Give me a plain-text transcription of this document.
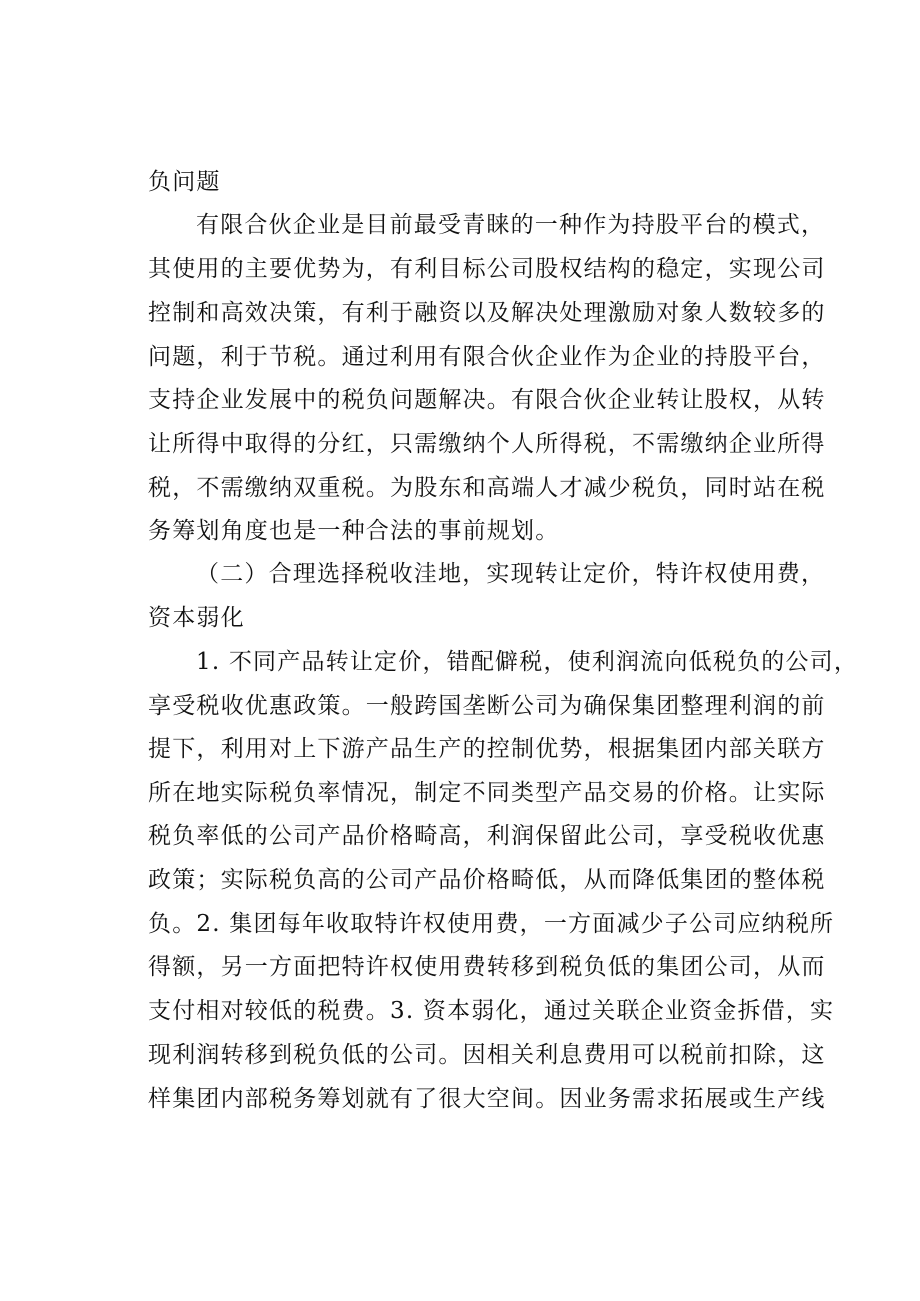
负问题
有限合伙企业是目前最受青睐的一种作为持股平台的模式，
其使用的主要优势为，有利目标公司股权结构的稳定，实现公司
控制和高效决策，有利于融资以及解决处理激励对象人数较多的
问题，利于节税。通过利用有限合伙企业作为企业的持股平台，
支持企业发展中的税负问题解决。有限合伙企业转让股权，从转
让所得中取得的分红，只需缴纳个人所得税，不需缴纳企业所得
税，不需缴纳双重税。为股东和高端人才减少税负，同时站在税
务筹划角度也是一种合法的事前规划。
（二）合理选择税收洼地，实现转让定价，特许权使用费，
资本弱化
1. 不同产品转让定价，错配僻税，使利润流向低税负的公司，
享受税收优惠政策。一般跨国垄断公司为确保集团整理利润的前
提下，利用对上下游产品生产的控制优势，根据集团内部关联方
所在地实际税负率情况，制定不同类型产品交易的价格。让实际
税负率低的公司产品价格畸高，利润保留此公司，享受税收优惠
政策；实际税负高的公司产品价格畸低，从而降低集团的整体税
负。2. 集团每年收取特许权使用费，一方面减少子公司应纳税所
得额，另一方面把特许权使用费转移到税负低的集团公司，从而
支付相对较低的税费。3. 资本弱化，通过关联企业资金拆借，实
现利润转移到税负低的公司。因相关利息费用可以税前扣除，这
样集团内部税务筹划就有了很大空间。因业务需求拓展或生产线
